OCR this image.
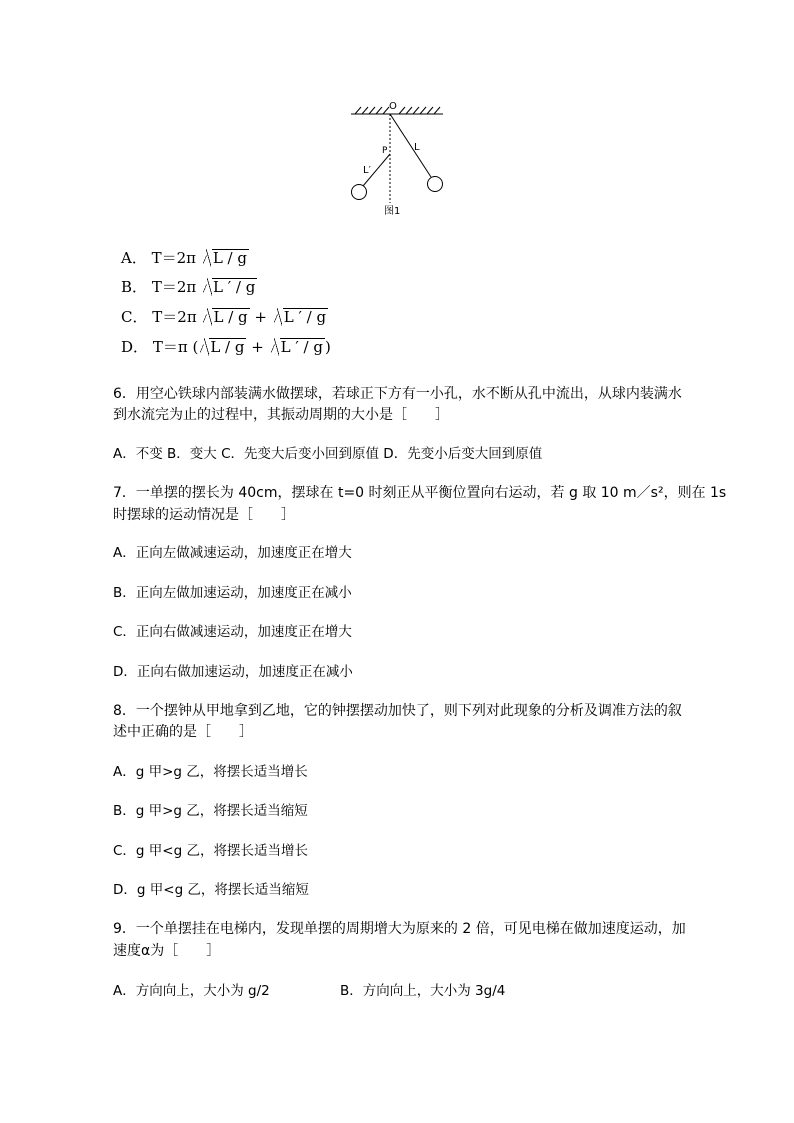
O
P	L
L′
图1
A． T＝2π L / g
B． T＝2π L ′ / g
C． T＝2π L / g + L ′ / g
D． T＝π ( L / g + L ′ / g )
6．用空心铁球内部装满水做摆球，若球正下方有一小孔，水不断从孔中流出，从球内装满水
到水流完为止的过程中，其振动周期的大小是［　　］
A．不变 B．变大 C．先变大后变小回到原值 D．先变小后变大回到原值
7．一单摆的摆长为 40cm，摆球在 t=0 时刻正从平衡位置向右运动，若 g 取 10 m／s²，则在 1s
时摆球的运动情况是［　　］
A．正向左做减速运动，加速度正在增大
B．正向左做加速运动，加速度正在减小
C．正向右做减速运动，加速度正在增大
D．正向右做加速运动，加速度正在减小
8．一个摆钟从甲地拿到乙地，它的钟摆摆动加快了，则下列对此现象的分析及调准方法的叙
述中正确的是［　　］
A．g 甲>g 乙，将摆长适当增长
B．g 甲>g 乙，将摆长适当缩短
C．g 甲<g 乙，将摆长适当增长
D．g 甲<g 乙，将摆长适当缩短
9．一个单摆挂在电梯内，发现单摆的周期增大为原来的 2 倍，可见电梯在做加速度运动，加
速度α为［　　］
A．方向向上，大小为 g/2	B．方向向上，大小为 3g/4
